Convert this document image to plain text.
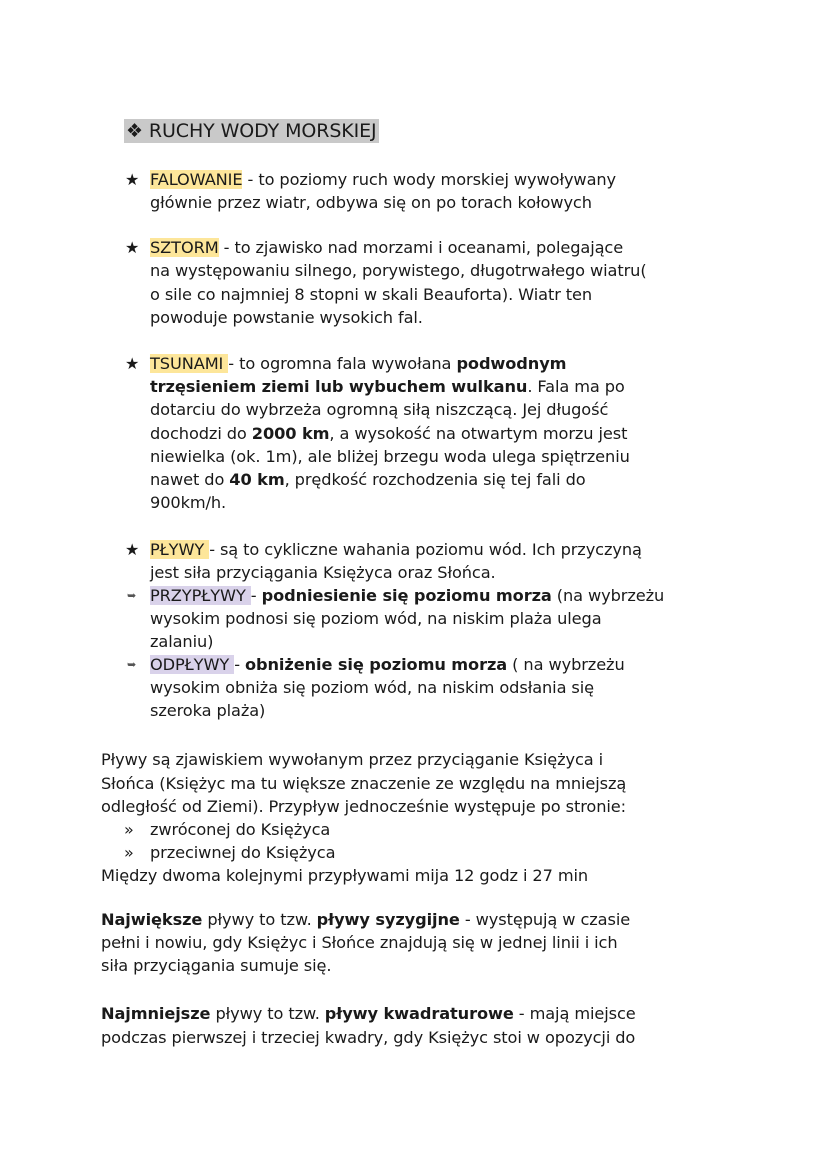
❖ RUCHY WODY MORSKIEJ
★ FALOWANIE - to poziomy ruch wody morskiej wywoływany
głównie przez wiatr, odbywa się on po torach kołowych
★ SZTORM - to zjawisko nad morzami i oceanami, polegające
na występowaniu silnego, porywistego, długotrwałego wiatru(
o sile co najmniej 8 stopni w skali Beauforta). Wiatr ten
powoduje powstanie wysokich fal.
★ TSUNAMI - to ogromna fala wywołana podwodnym
trzęsieniem ziemi lub wybuchem wulkanu. Fala ma po
dotarciu do wybrzeża ogromną siłą niszczącą. Jej długość
dochodzi do 2000 km, a wysokość na otwartym morzu jest
niewielka (ok. 1m), ale bliżej brzegu woda ulega spiętrzeniu
nawet do 40 km, prędkość rozchodzenia się tej fali do
900km/h.
★ PŁYWY - są to cykliczne wahania poziomu wód. Ich przyczyną
jest siła przyciągania Księżyca oraz Słońca.
➥ PRZYPŁYWY - podniesienie się poziomu morza (na wybrzeżu
wysokim podnosi się poziom wód, na niskim plaża ulega
zalaniu)
➥ ODPŁYWY - obniżenie się poziomu morza ( na wybrzeżu
wysokim obniża się poziom wód, na niskim odsłania się
szeroka plaża)
Pływy są zjawiskiem wywołanym przez przyciąganie Księżyca i
Słońca (Księżyc ma tu większe znaczenie ze względu na mniejszą
odległość od Ziemi). Przypływ jednocześnie występuje po stronie:
» zwróconej do Księżyca
» przeciwnej do Księżyca
Między dwoma kolejnymi przypływami mija 12 godz i 27 min
Największe pływy to tzw. pływy syzygijne - występują w czasie
pełni i nowiu, gdy Księżyc i Słońce znajdują się w jednej linii i ich
siła przyciągania sumuje się.
Najmniejsze pływy to tzw. pływy kwadraturowe - mają miejsce
podczas pierwszej i trzeciej kwadry, gdy Księżyc stoi w opozycji do
